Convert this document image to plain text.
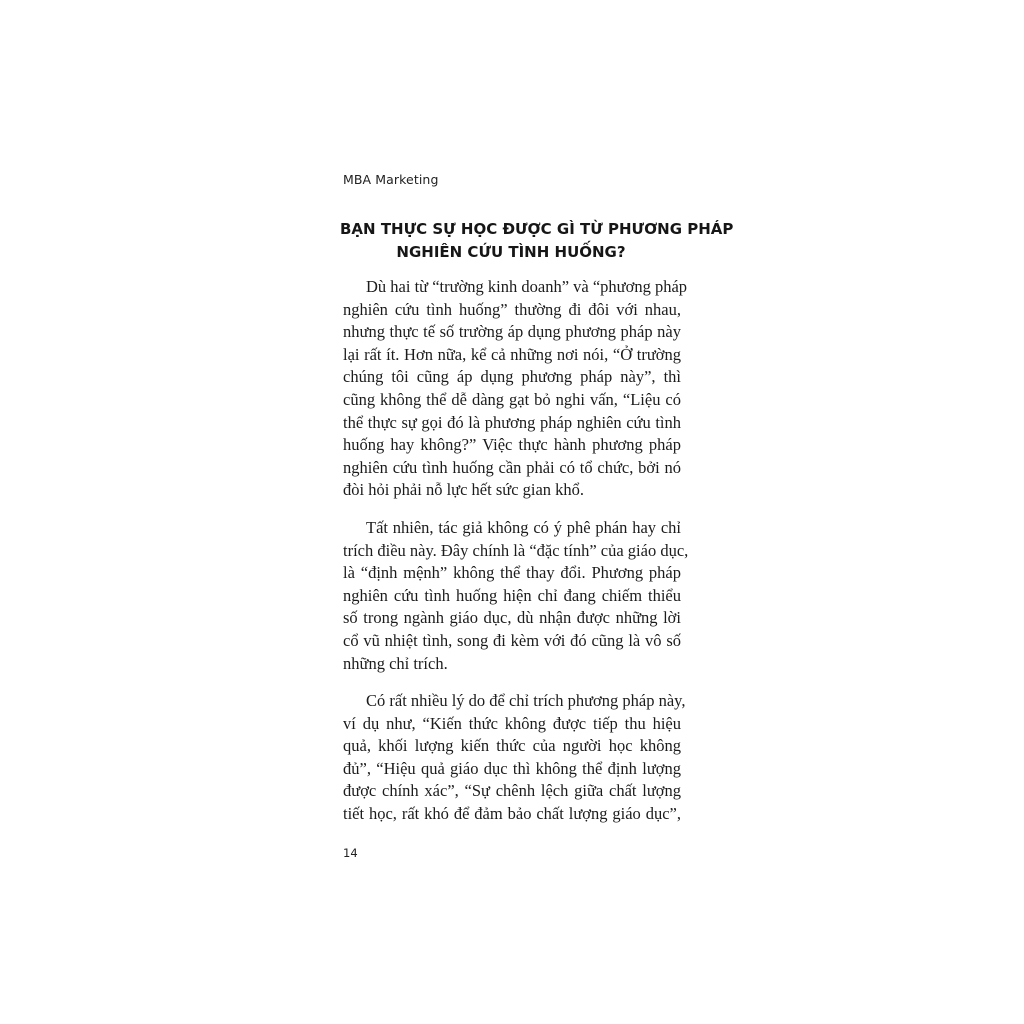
MBA Marketing
BẠN THỰC SỰ HỌC ĐƯỢC GÌ TỪ PHƯƠNG PHÁP
NGHIÊN CỨU TÌNH HUỐNG?

Dù hai từ “trường kinh doanh” và “phương pháp
nghiên cứu tình huống” thường đi đôi với nhau,
nhưng thực tế số trường áp dụng phương pháp này
lại rất ít. Hơn nữa, kể cả những nơi nói, “Ở trường
chúng tôi cũng áp dụng phương pháp này”, thì
cũng không thể dễ dàng gạt bỏ nghi vấn, “Liệu có
thể thực sự gọi đó là phương pháp nghiên cứu tình
huống hay không?” Việc thực hành phương pháp
nghiên cứu tình huống cần phải có tổ chức, bởi nó
đòi hỏi phải nỗ lực hết sức gian khổ.

Tất nhiên, tác giả không có ý phê phán hay chỉ
trích điều này. Đây chính là “đặc tính” của giáo dục,
là “định mệnh” không thể thay đổi. Phương pháp
nghiên cứu tình huống hiện chỉ đang chiếm thiểu
số trong ngành giáo dục, dù nhận được những lời
cổ vũ nhiệt tình, song đi kèm với đó cũng là vô số
những chỉ trích.

Có rất nhiều lý do để chỉ trích phương pháp này,
ví dụ như, “Kiến thức không được tiếp thu hiệu
quả, khối lượng kiến thức của người học không
đủ”, “Hiệu quả giáo dục thì không thể định lượng
được chính xác”, “Sự chênh lệch giữa chất lượng
tiết học, rất khó để đảm bảo chất lượng giáo dục”,

14
